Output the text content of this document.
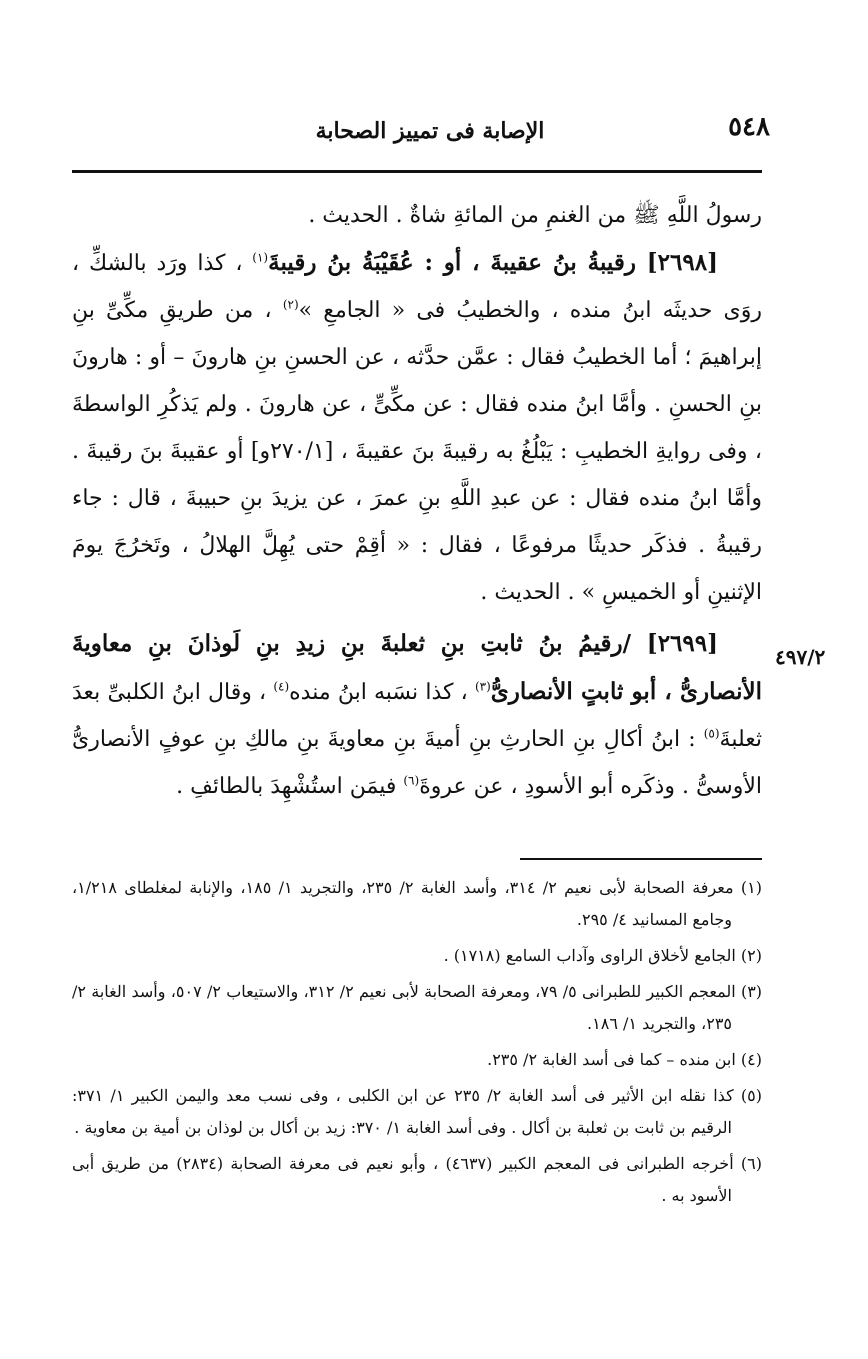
٥٤٨
الإصابة فى تمييز الصحابة

رسولُ اللَّهِ ﷺ من الغنمِ من المائةِ شاةٌ . الحديث .

[٢٦٩٨] رقيبةُ بنُ عقيبةَ ، أو : عُقَيْبَةُ بنُ رقيبةَ$^{(١)}$ ، كذا ورَد بالشكِّ ، روَى حديثَه ابنُ منده ، والخطيبُ فى « الجامعِ »$^{(٢)}$ ، من طريقِ مكِّىِّ بنِ إبراهيمَ ؛ أما الخطيبُ فقال : عمَّن حدَّثه ، عن الحسنِ بنِ هارونَ – أو : هارونَ بنِ الحسنِ . وأمَّا ابنُ منده فقال : عن مكِّىٍّ ، عن هارونَ . ولم يَذكُرِ الواسطةَ ، وفى روايةِ الخطيبِ : يَبْلُغُ به رقيبةَ بنَ عقيبةَ ، [٢٧٠/١و] أو عقيبةَ بنَ رقيبةَ . وأمَّا ابنُ منده فقال : عن عبدِ اللَّهِ بنِ عمرَ ، عن يزيدَ بنِ حبيبةَ ، قال : جاء رقيبةُ . فذكَر حديثًا مرفوعًا ، فقال : « أقِمْ حتى يُهِلَّ الهلالُ ، وتَخرُجَ يومَ الإثنينِ أو الخميسِ » . الحديث .

[٢٦٩٩] /رقيمُ بنُ ثابتِ بنِ ثعلبةَ بنِ زيدِ بنِ لَوذانَ بنِ معاويةَ الأنصارىُّ ، أبو ثابتٍ الأنصارىُّ$^{(٣)}$ ، كذا نسَبه ابنُ منده$^{(٤)}$ ، وقال ابنُ الكلبىِّ بعدَ ثعلبةَ$^{(٥)}$ : ابنُ أكالِ بنِ الحارثِ بنِ أميةَ بنِ معاويةَ بنِ مالكِ بنِ عوفٍ الأنصارىُّ الأوسىُّ . وذكَره أبو الأسودِ ، عن عروةَ$^{(٦)}$ فيمَن استُشْهِدَ بالطائفِ .

٤٩٧/٢

(١) معرفة الصحابة لأبى نعيم ٢/ ٣١٤، وأسد الغابة ٢/ ٢٣٥، والتجريد ١/ ١٨٥، والإنابة لمغلطاى ١/٢١٨، وجامع المسانيد ٤/ ٢٩٥.

(٢) الجامع لأخلاق الراوى وآداب السامع (١٧١٨) .

(٣) المعجم الكبير للطبرانى ٥/ ٧٩، ومعرفة الصحابة لأبى نعيم ٢/ ٣١٢، والاستيعاب ٢/ ٥٠٧، وأسد الغابة ٢/ ٢٣٥، والتجريد ١/ ١٨٦.

(٤) ابن منده – كما فى أسد الغابة ٢/ ٢٣٥.

(٥) كذا نقله ابن الأثير فى أسد الغابة ٢/ ٢٣٥ عن ابن الكلبى ، وفى نسب معد واليمن الكبير ١/ ٣٧١: الرقيم بن ثابت بن ثعلبة بن أكال . وفى أسد الغابة ١/ ٣٧٠: زيد بن أكال بن لوذان بن أمية بن معاوية .

(٦) أخرجه الطبرانى فى المعجم الكبير (٤٦٣٧) ، وأبو نعيم فى معرفة الصحابة (٢٨٣٤) من طريق أبى الأسود به .
